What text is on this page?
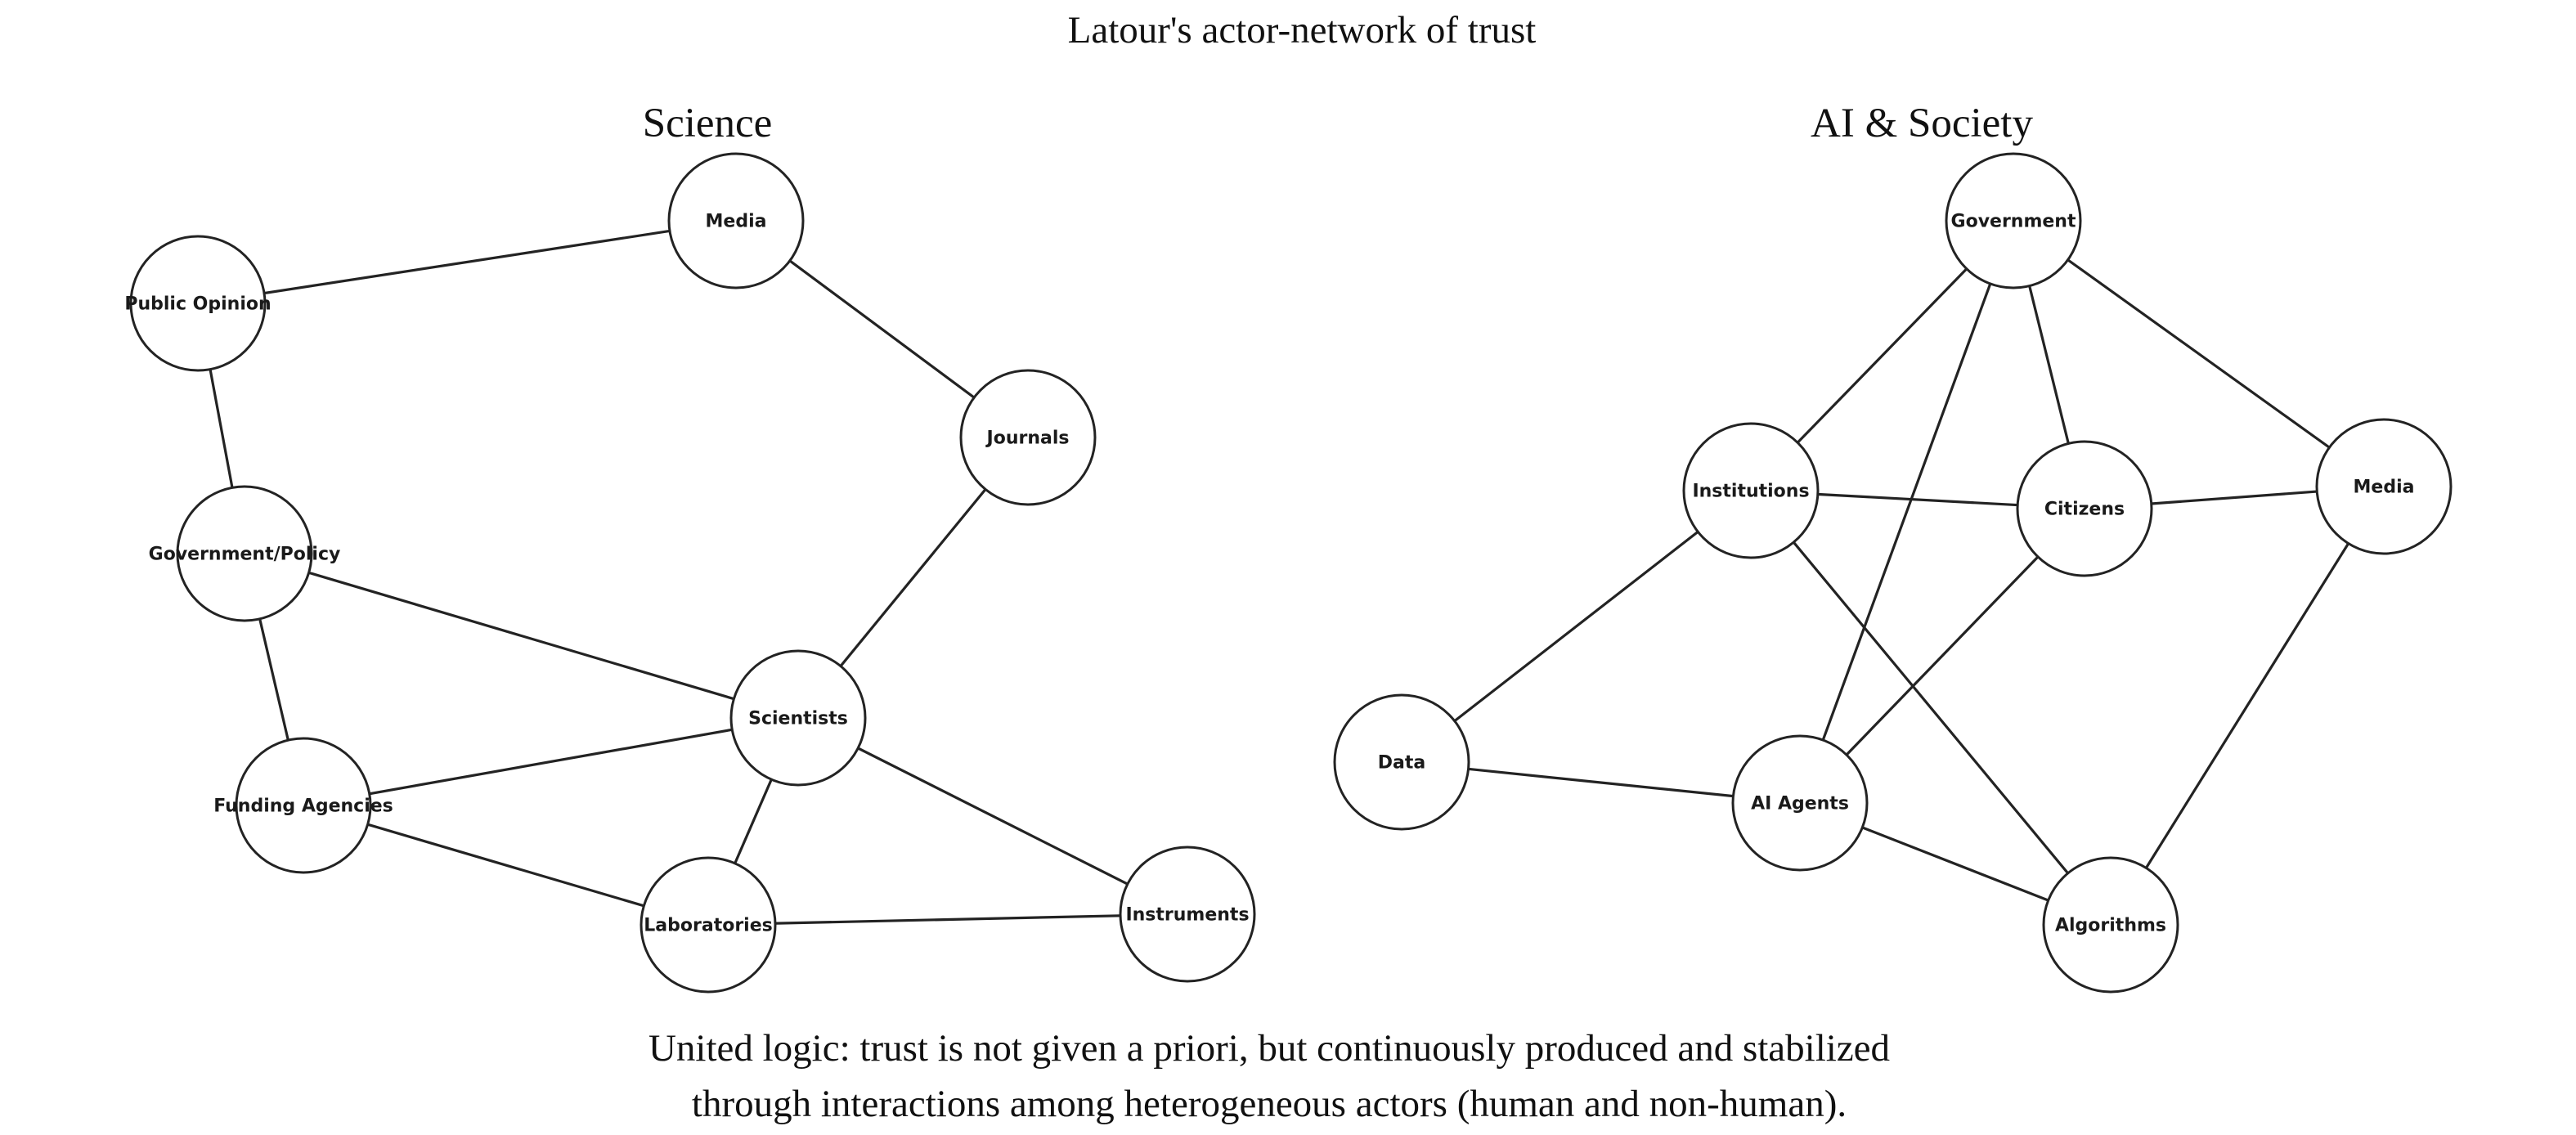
Latour's actor-network of trust
Science	AI & Society
Media
Public Opinion
Journals
Government/Policy
Scientists
Funding Agencies
Laboratories
Instruments
Government
Institutions
Citizens
Media
Data
AI Agents
Algorithms
United logic: trust is not given a priori, but continuously produced and stabilized
through interactions among heterogeneous actors (human and non-human).
